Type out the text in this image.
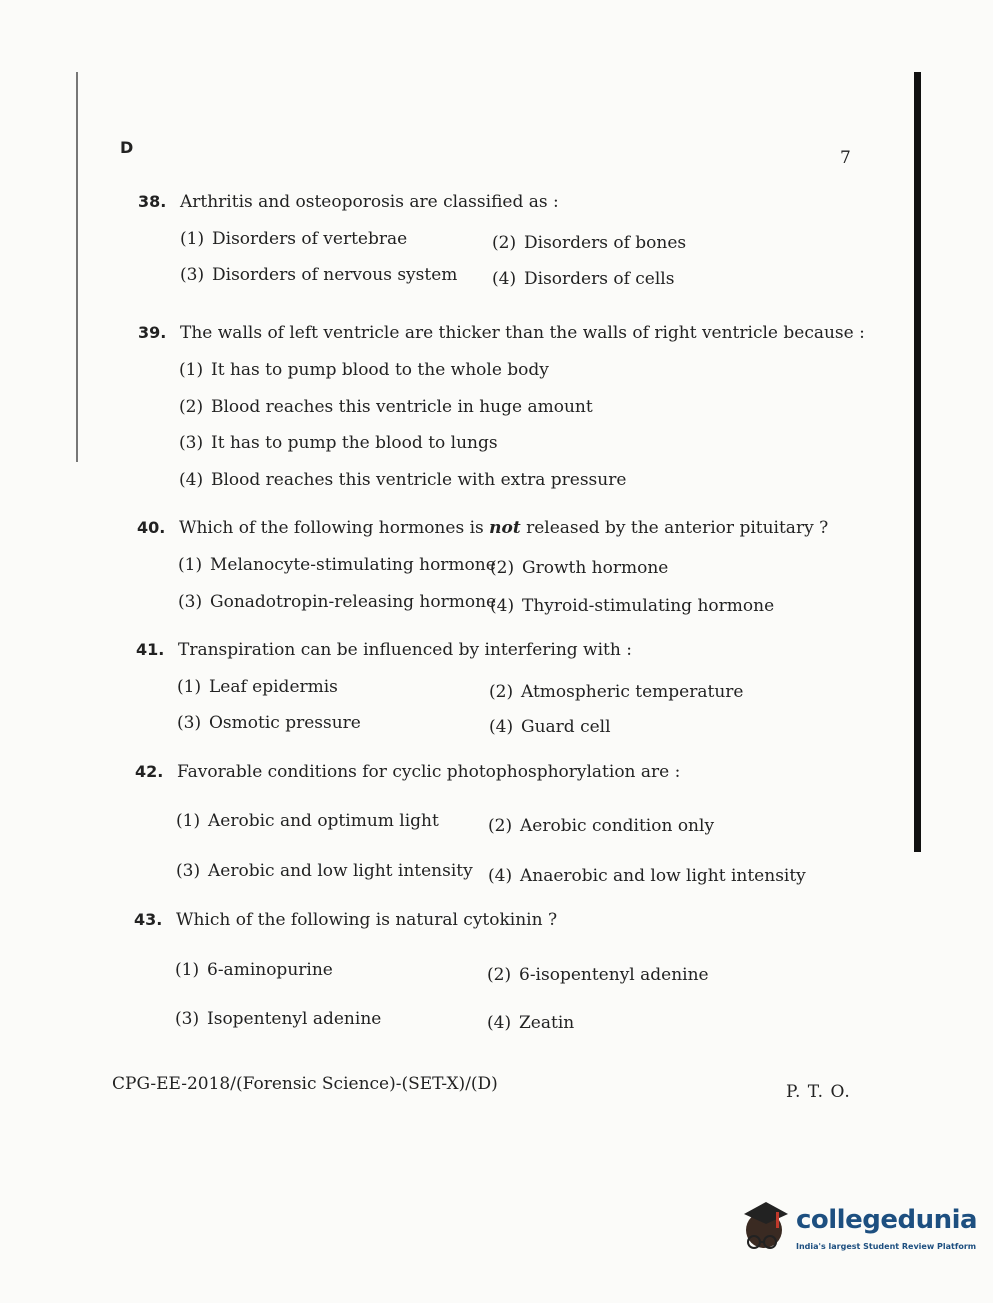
D
7
38. Arthritis and osteoporosis are classified as :
(1) Disorders of vertebrae	(2) Disorders of bones
(3) Disorders of nervous system (4) Disorders of cells
39. The walls of left ventricle are thicker than the walls of right ventricle because :
(1) It has to pump blood to the whole body
(2) Blood reaches this ventricle in huge amount
(3) It has to pump the blood to lungs
(4) Blood reaches this ventricle with extra pressure
40. Which of the following hormones is not released by the anterior pituitary ?
(1) Melanocyte-stimulating hormone
(2) Growth hormone
(3) Gonadotropin-releasing hormone
(4) Thyroid-stimulating hormone
41. Transpiration can be influenced by interfering with :
(1) Leaf epidermis	(2) Atmospheric temperature
(3) Osmotic pressure	(4) Guard cell
42. Favorable conditions for cyclic photophosphorylation are :
(1) Aerobic and optimum light	(2) Aerobic condition only
(3) Aerobic and low light intensity (4) Anaerobic and low light intensity
43. Which of the following is natural cytokinin ?
(1) 6-aminopurine	(2) 6-isopentenyl adenine
(3) Isopentenyl adenine	(4) Zeatin
CPG-EE-2018/(Forensic Science)-(SET-X)/(D)	P. T. O.
collegedunia
India's largest Student Review Platform
